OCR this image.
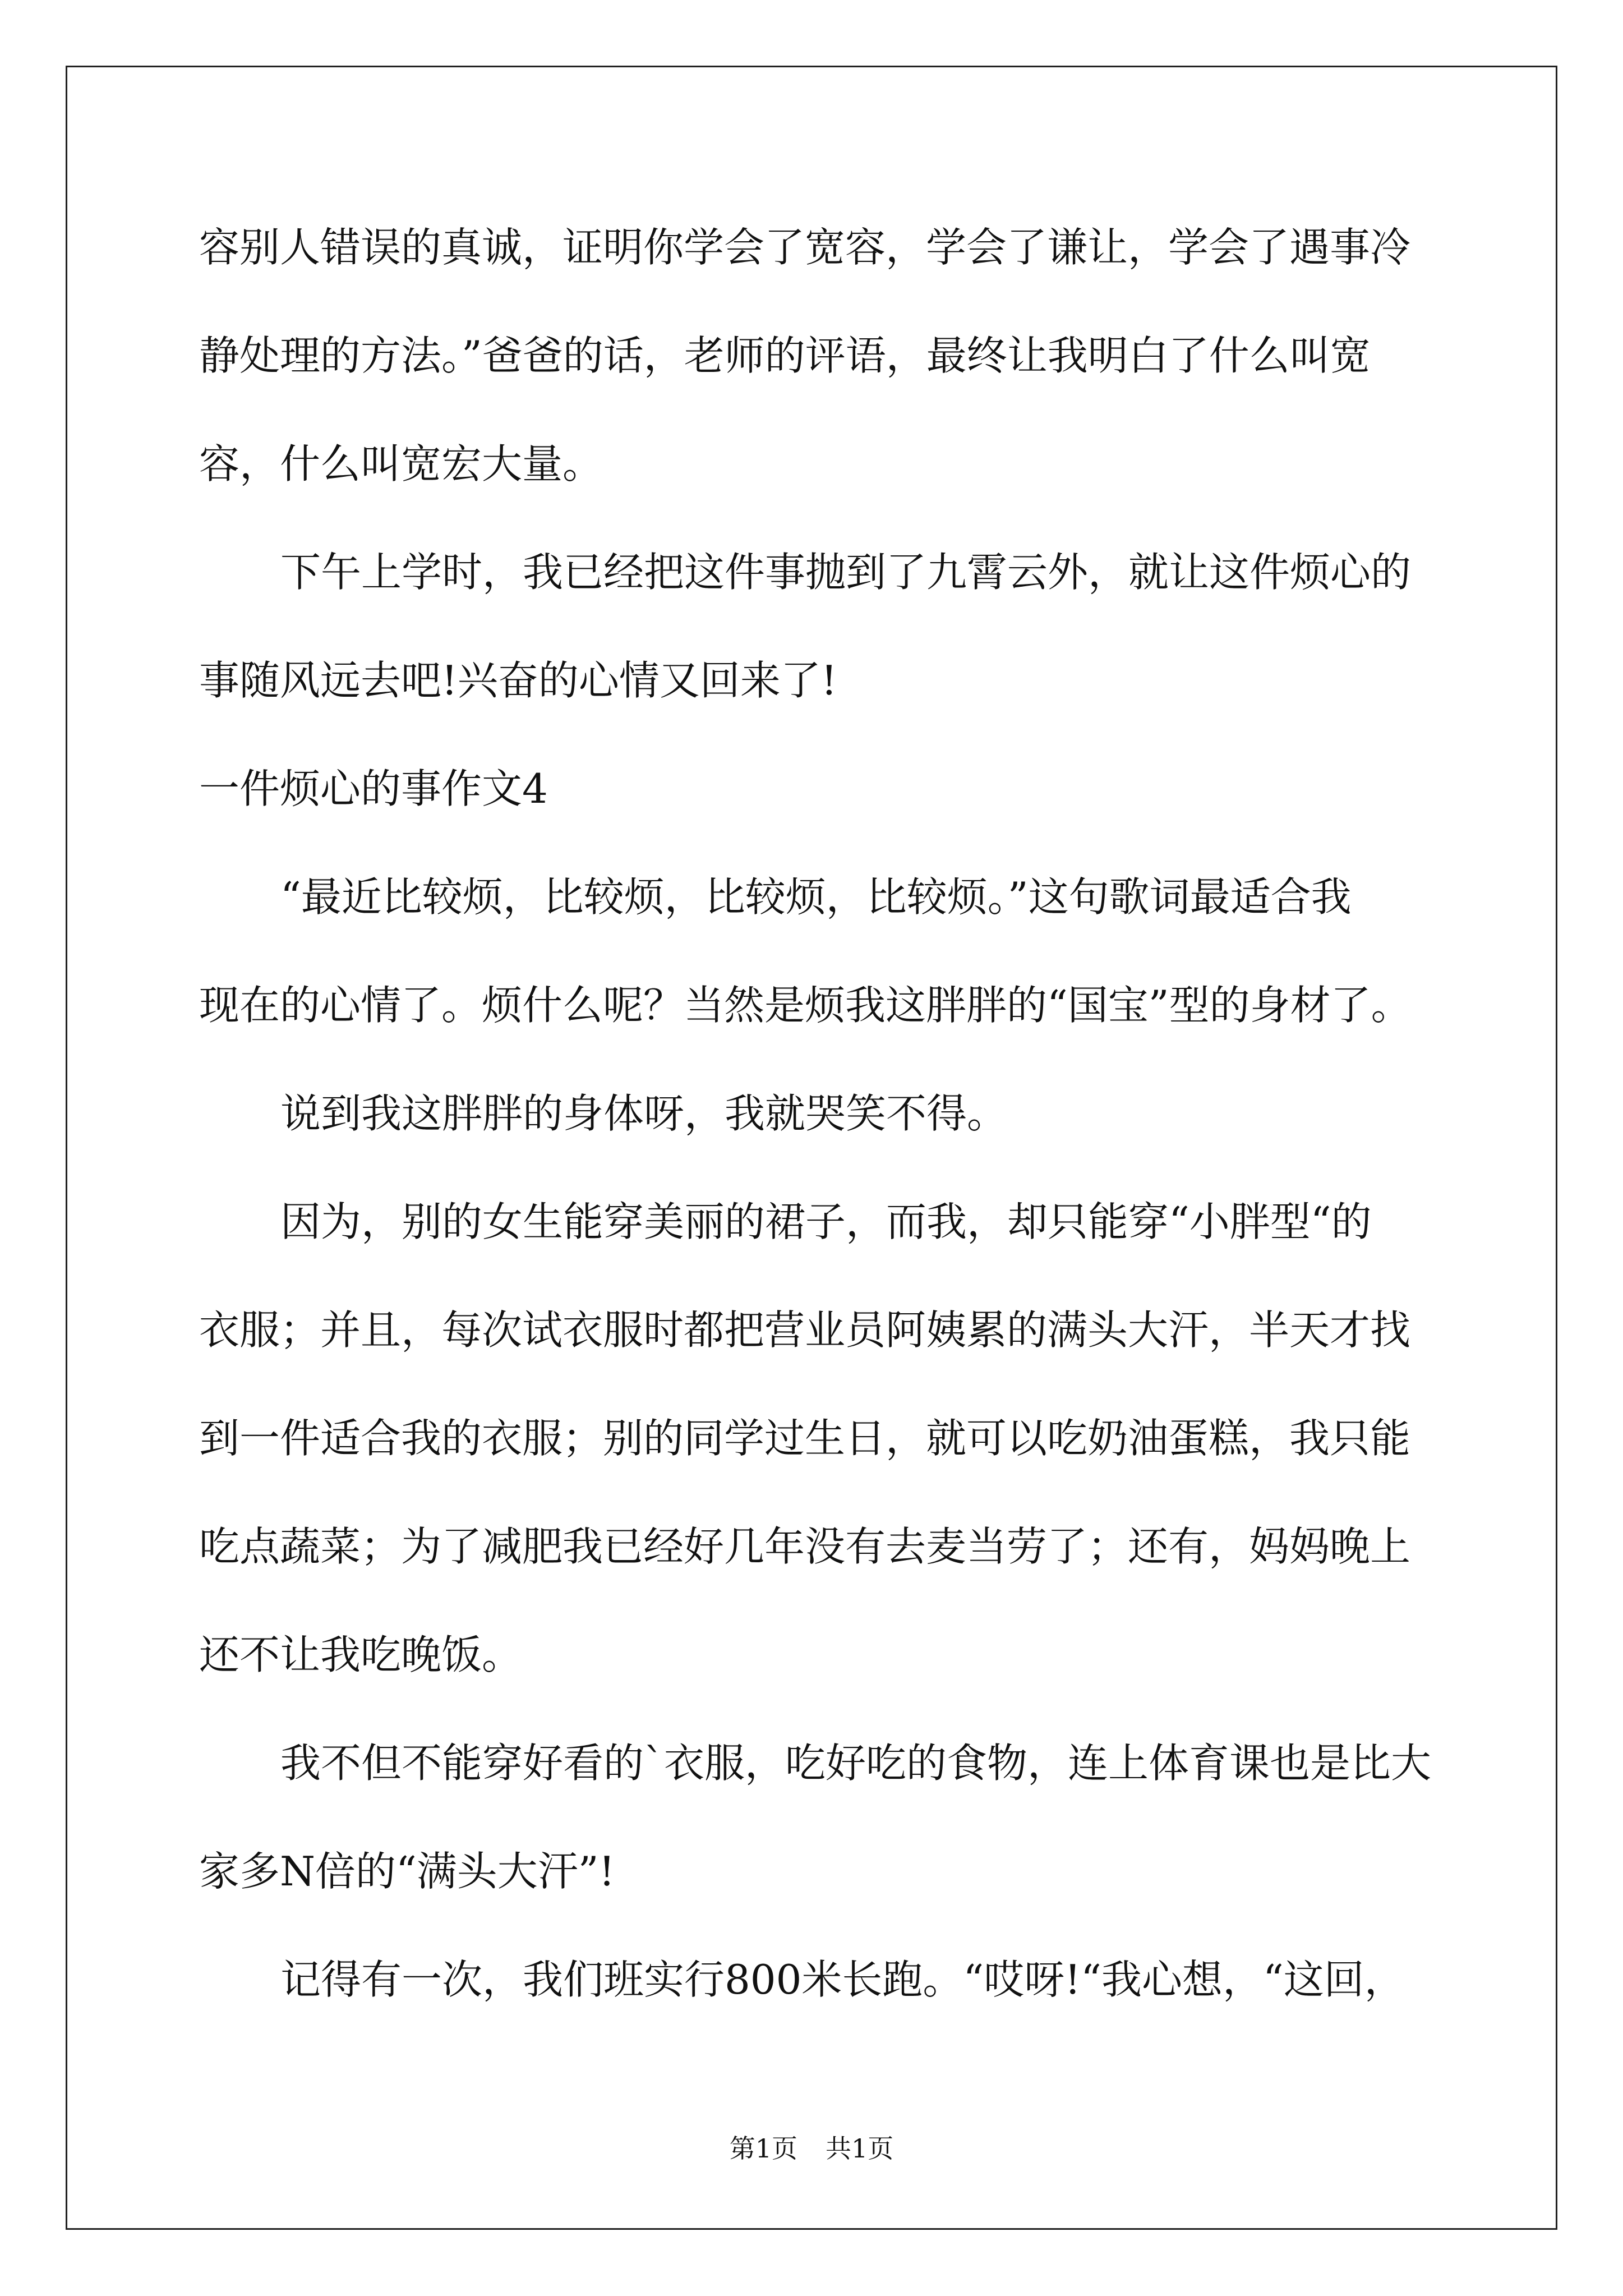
容别人错误的真诚，证明你学会了宽容，学会了谦让，学会了遇事冷
静处理的方法。”爸爸的话，老师的评语，最终让我明白了什么叫宽
容，什么叫宽宏大量。
下午上学时，我已经把这件事抛到了九霄云外，就让这件烦心的
事随风远去吧!兴奋的心情又回来了!
一件烦心的事作文4
“最近比较烦，比较烦，比较烦，比较烦。”这句歌词最适合我
现在的心情了。烦什么呢？当然是烦我这胖胖的“国宝”型的身材了。
说到我这胖胖的身体呀，我就哭笑不得。
因为，别的女生能穿美丽的裙子，而我，却只能穿“小胖型“的
衣服；并且，每次试衣服时都把营业员阿姨累的满头大汗，半天才找
到一件适合我的衣服；别的同学过生日，就可以吃奶油蛋糕，我只能
吃点蔬菜；为了减肥我已经好几年没有去麦当劳了；还有，妈妈晚上
还不让我吃晚饭。
我不但不能穿好看的`衣服，吃好吃的食物，连上体育课也是比大
家多N倍的“满头大汗”!
记得有一次，我们班实行800米长跑。“哎呀!“我心想，“这回，
第1页 共1页
